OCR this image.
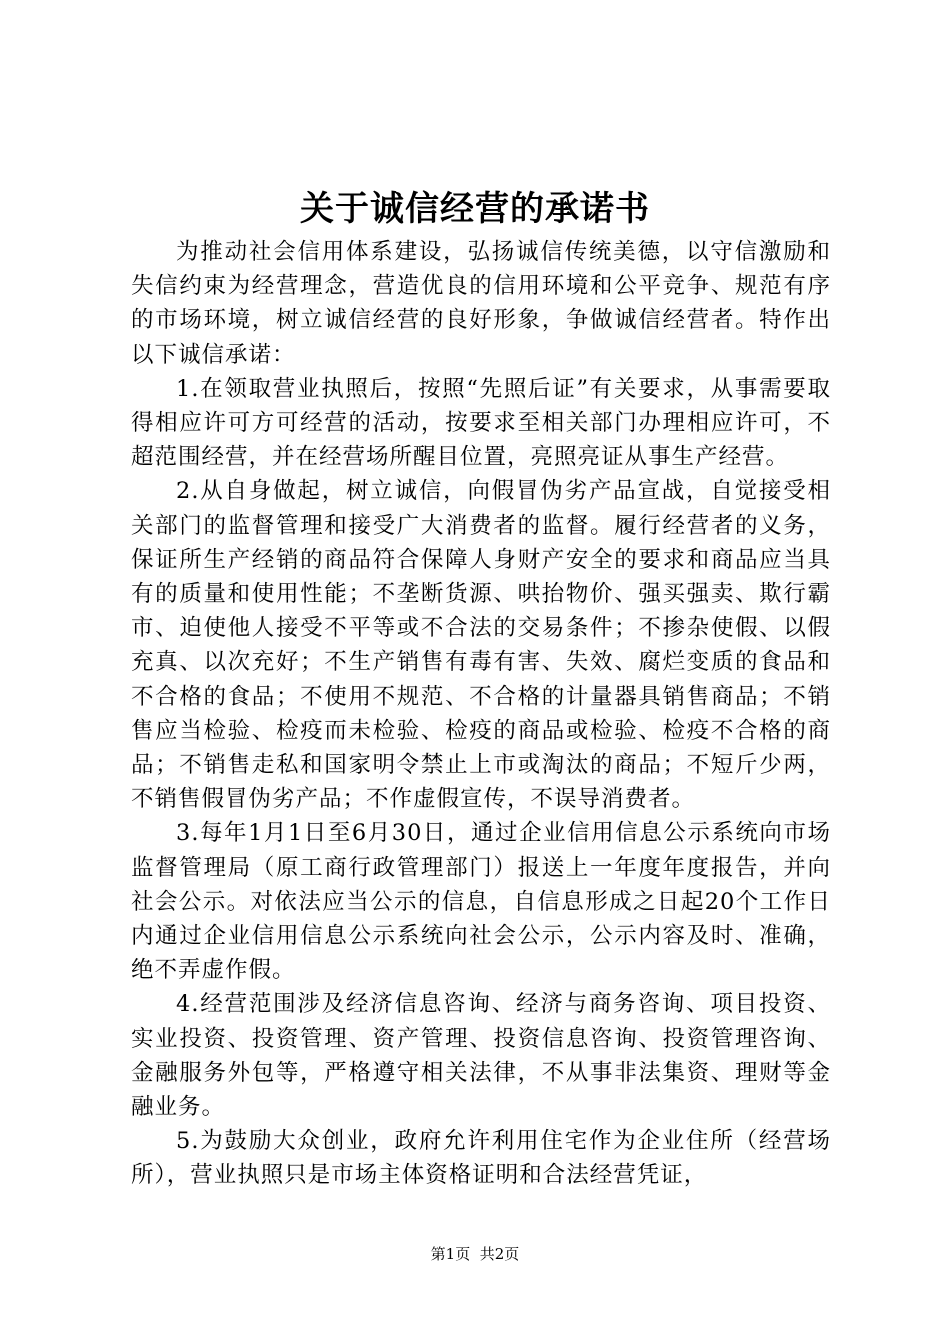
关于诚信经营的承诺书

为推动社会信用体系建设，弘扬诚信传统美德，以守信激励和失信约束为经营理念，营造优良的信用环境和公平竞争、规范有序的市场环境，树立诚信经营的良好形象，争做诚信经营者。特作出以下诚信承诺：

1.在领取营业执照后，按照“先照后证”有关要求，从事需要取得相应许可方可经营的活动，按要求至相关部门办理相应许可，不超范围经营，并在经营场所醒目位置，亮照亮证从事生产经营。

2.从自身做起，树立诚信，向假冒伪劣产品宣战，自觉接受相关部门的监督管理和接受广大消费者的监督。履行经营者的义务，保证所生产经销的商品符合保障人身财产安全的要求和商品应当具有的质量和使用性能；不垄断货源、哄抬物价、强买强卖、欺行霸市、迫使他人接受不平等或不合法的交易条件；不掺杂使假、以假充真、以次充好；不生产销售有毒有害、失效、腐烂变质的食品和不合格的食品；不使用不规范、不合格的计量器具销售商品；不销售应当检验、检疫而未检验、检疫的商品或检验、检疫不合格的商品；不销售走私和国家明令禁止上市或淘汰的商品；不短斤少两，不销售假冒伪劣产品；不作虚假宣传，不误导消费者。

3.每年1月1日至6月30日，通过企业信用信息公示系统向市场监督管理局（原工商行政管理部门）报送上一年度年度报告，并向社会公示。对依法应当公示的信息，自信息形成之日起20个工作日内通过企业信用信息公示系统向社会公示，公示内容及时、准确，绝不弄虚作假。

4.经营范围涉及经济信息咨询、经济与商务咨询、项目投资、实业投资、投资管理、资产管理、投资信息咨询、投资管理咨询、金融服务外包等，严格遵守相关法律，不从事非法集资、理财等金融业务。

5.为鼓励大众创业，政府允许利用住宅作为企业住所（经营场所），营业执照只是市场主体资格证明和合法经营凭证，

第1页 共2页
